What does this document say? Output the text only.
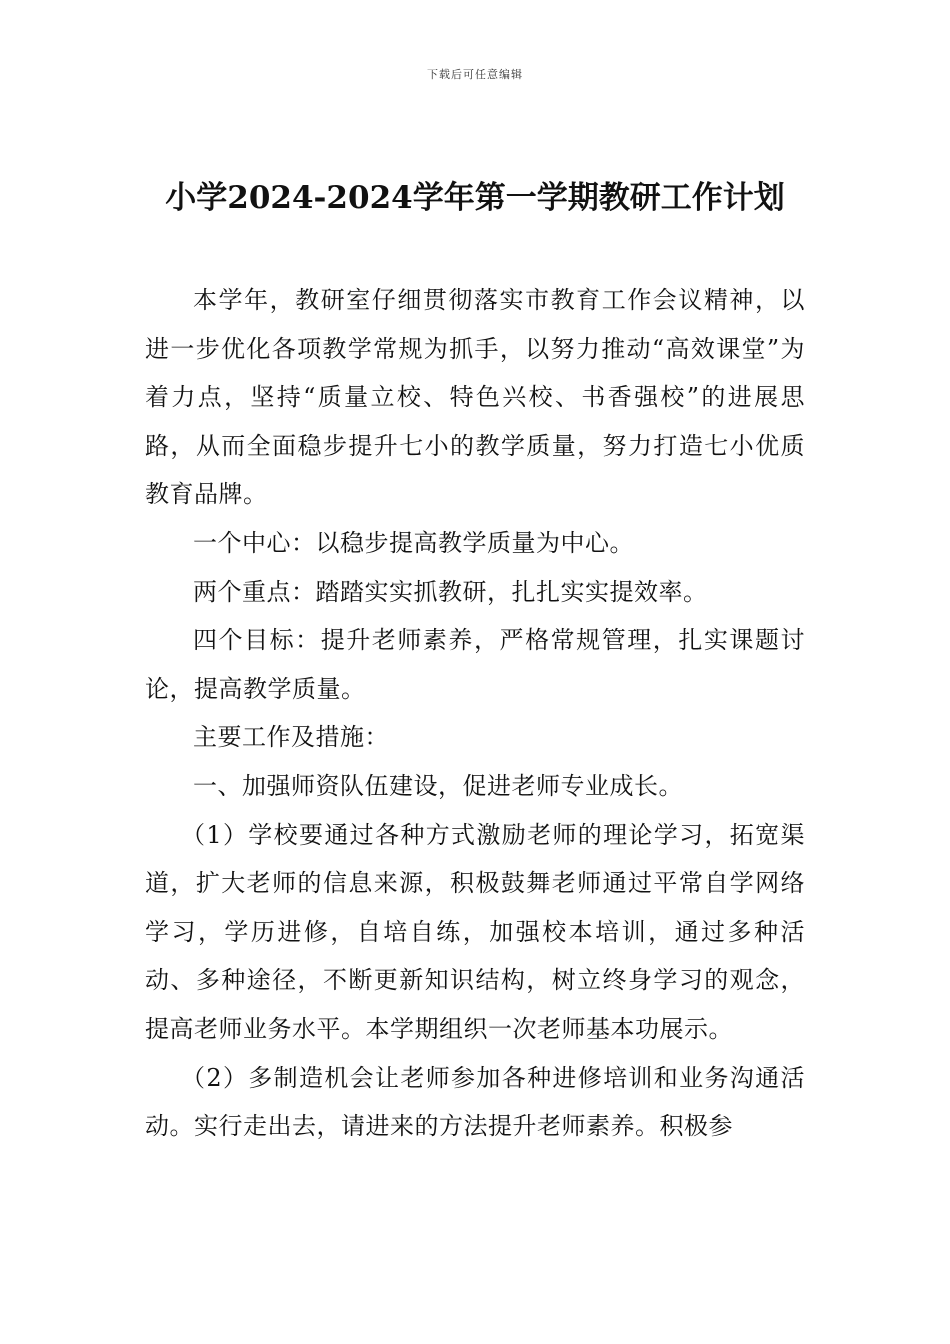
下载后可任意编辑
小学2024-2024学年第一学期教研工作计划

本学年，教研室仔细贯彻落实市教育工作会议精神，以进一步优化各项教学常规为抓手，以努力推动“高效课堂”为着力点，坚持“质量立校、特色兴校、书香强校”的进展思路，从而全面稳步提升七小的教学质量，努力打造七小优质教育品牌。

一个中心：以稳步提高教学质量为中心。

两个重点：踏踏实实抓教研，扎扎实实提效率。

四个目标：提升老师素养，严格常规管理，扎实课题讨论，提高教学质量。

主要工作及措施：

一、加强师资队伍建设，促进老师专业成长。

（1）学校要通过各种方式激励老师的理论学习，拓宽渠道，扩大老师的信息来源，积极鼓舞老师通过平常自学网络学习，学历进修，自培自练，加强校本培训，通过多种活动、多种途径，不断更新知识结构，树立终身学习的观念，提高老师业务水平。本学期组织一次老师基本功展示。

（2）多制造机会让老师参加各种进修培训和业务沟通活动。实行走出去，请进来的方法提升老师素养。积极参
